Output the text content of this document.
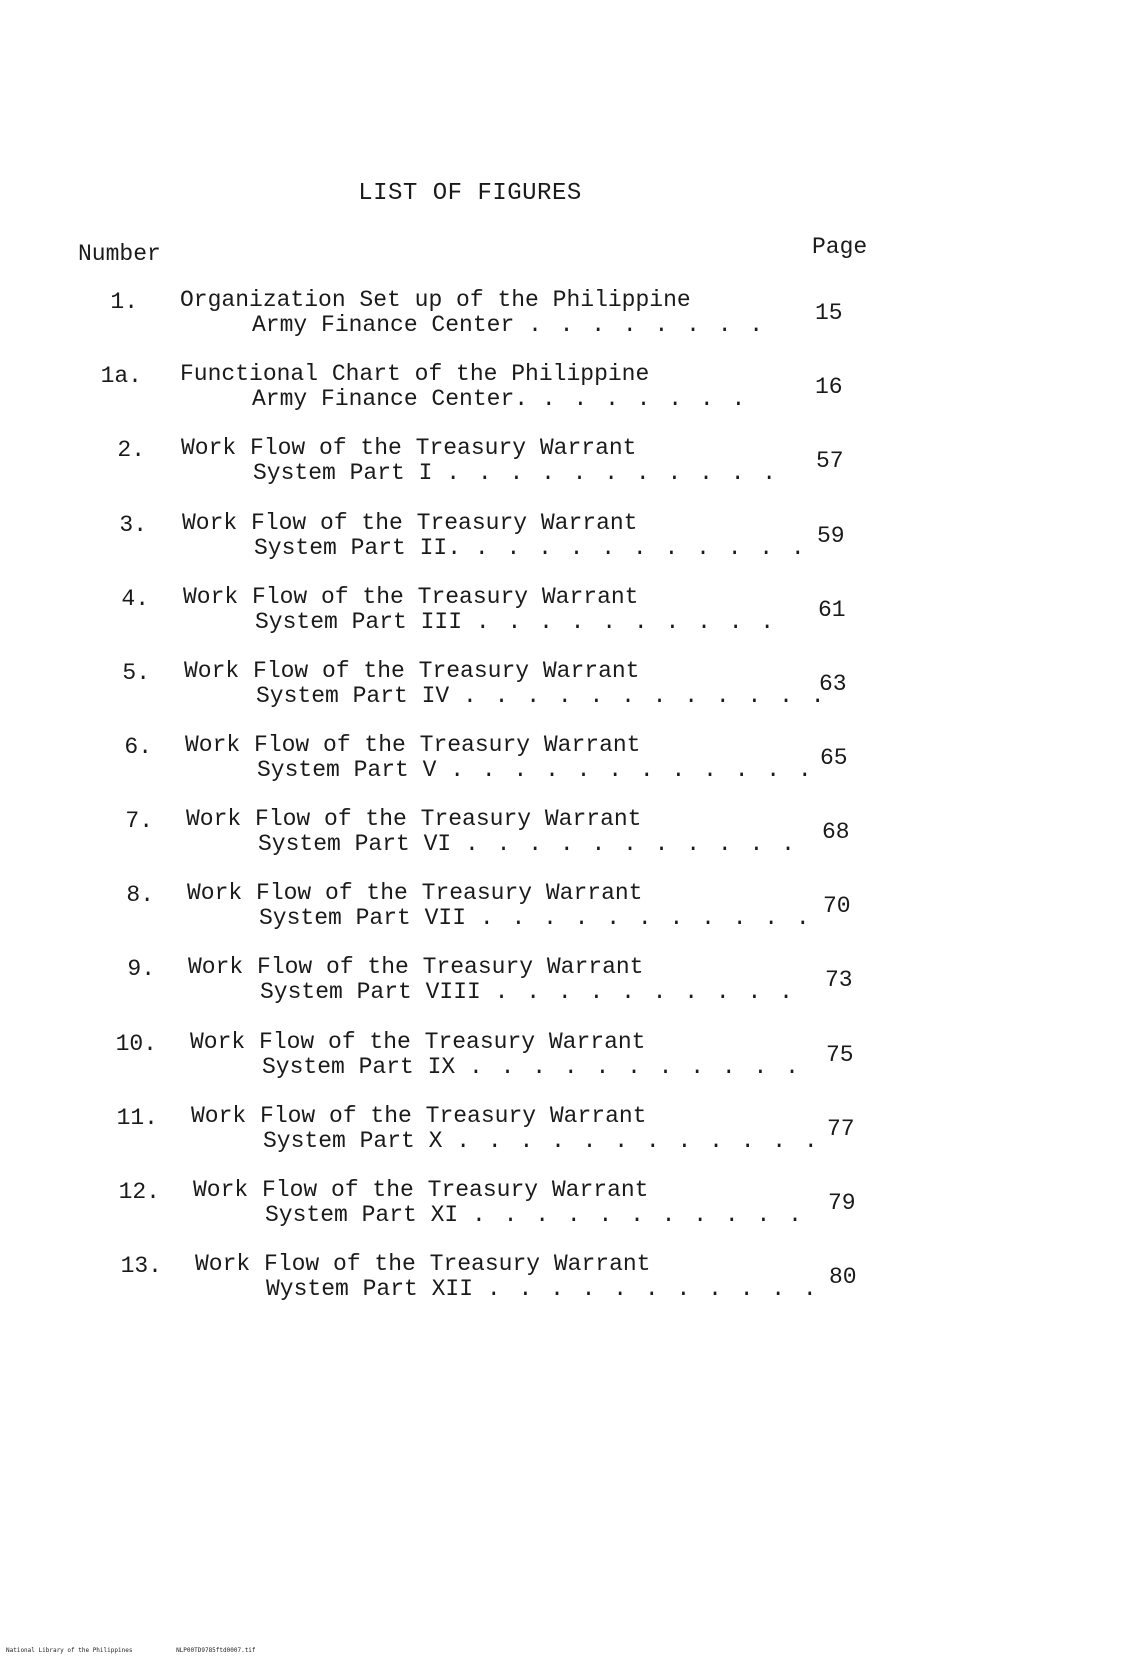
LIST OF FIGURES
Number	Page
1. Organization Set up of the Philippine
Army Finance Center . . . . . . . . 15
1a. Functional Chart of the Philippine
Army Finance Center. . . . . . . .	16
2. Work Flow of the Treasury Warrant
System Part I . . . . . . . . . . . 57
3. Work Flow of the Treasury Warrant
System Part II. . . . . . . . . . . . 59
4. Work Flow of the Treasury Warrant
System Part III . . . . . . . . . . 61
5. Work Flow of the Treasury Warrant
System Part IV . . . . . . . . . . . .
63
6. Work Flow of the Treasury Warrant
System Part V . . . . . . . . . . . . 65
7. Work Flow of the Treasury Warrant
System Part VI . . . . . . . . . . . 68
8. Work Flow of the Treasury Warrant
System Part VII . . . . . . . . . . . 70
9. Work Flow of the Treasury Warrant
System Part VIII . . . . . . . . . . 73
10. Work Flow of the Treasury Warrant
System Part IX . . . . . . . . . . . 75
11. Work Flow of the Treasury Warrant
System Part X . . . . . . . . . . . . 77
12. Work Flow of the Treasury Warrant
System Part XI . . . . . . . . . . . 79
13. Work Flow of the Treasury Warrant
Wystem Part XII . . . . . . . . . . . 80
National Library of the Philippines	NLP00TD9785ftd0007.tif
